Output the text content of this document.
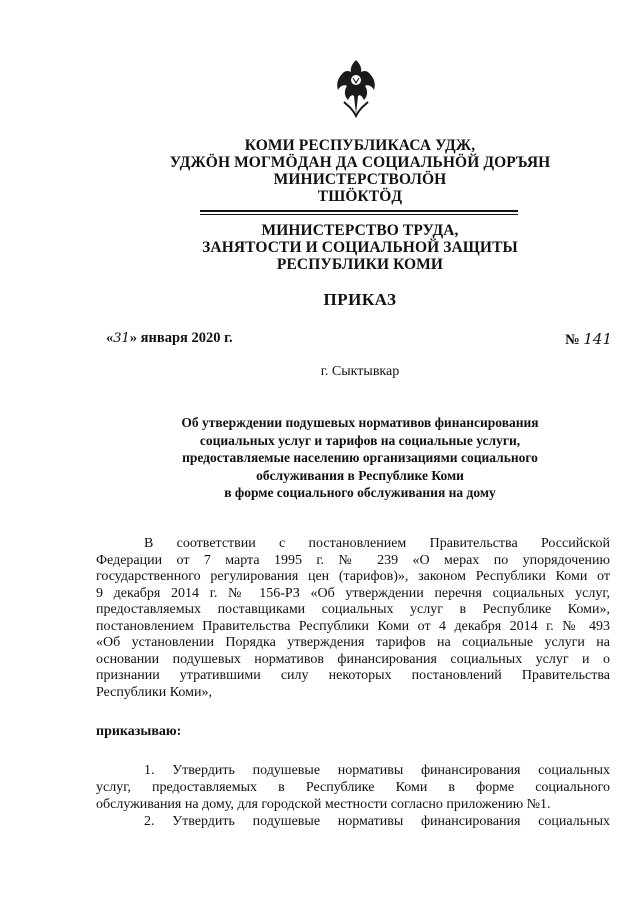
КОМИ РЕСПУБЛИКАСА УДЖ,
УДЖӦН МОГМӦДАН ДА СОЦИАЛЬНӦЙ ДОРЪЯН
МИНИСТЕРСТВОЛӦН
ТШӦКТӦД
МИНИСТЕРСТВО ТРУДА,
ЗАНЯТОСТИ И СОЦИАЛЬНОЙ ЗАЩИТЫ
РЕСПУБЛИКИ КОМИ
ПРИКАЗ
«31» января 2020 г.	№ 141
г. Сыктывкар
Об утверждении подушевых нормативов финансирования
социальных услуг и тарифов на социальные услуги,
предоставляемые населению организациями социального
обслуживания в Республике Коми
в форме социального обслуживания на дому
В соответствии с постановлением Правительства Российской
Федерации от 7 марта 1995 г. № 239 «О мерах по упорядочению
государственного регулирования цен (тарифов)», законом Республики Коми от
9 декабря 2014 г. № 156-РЗ «Об утверждении перечня социальных услуг,
предоставляемых поставщиками социальных услуг в Республике Коми»,
постановлением Правительства Республики Коми от 4 декабря 2014 г. № 493
«Об установлении Порядка утверждения тарифов на социальные услуги на
основании подушевых нормативов финансирования социальных услуг и о
признании утратившими силу некоторых постановлений Правительства
Республики Коми»,
приказываю:
1. Утвердить подушевые нормативы финансирования социальных
услуг, предоставляемых в Республике Коми в форме социального
обслуживания на дому, для городской местности согласно приложению №1.
2. Утвердить подушевые нормативы финансирования социальных
